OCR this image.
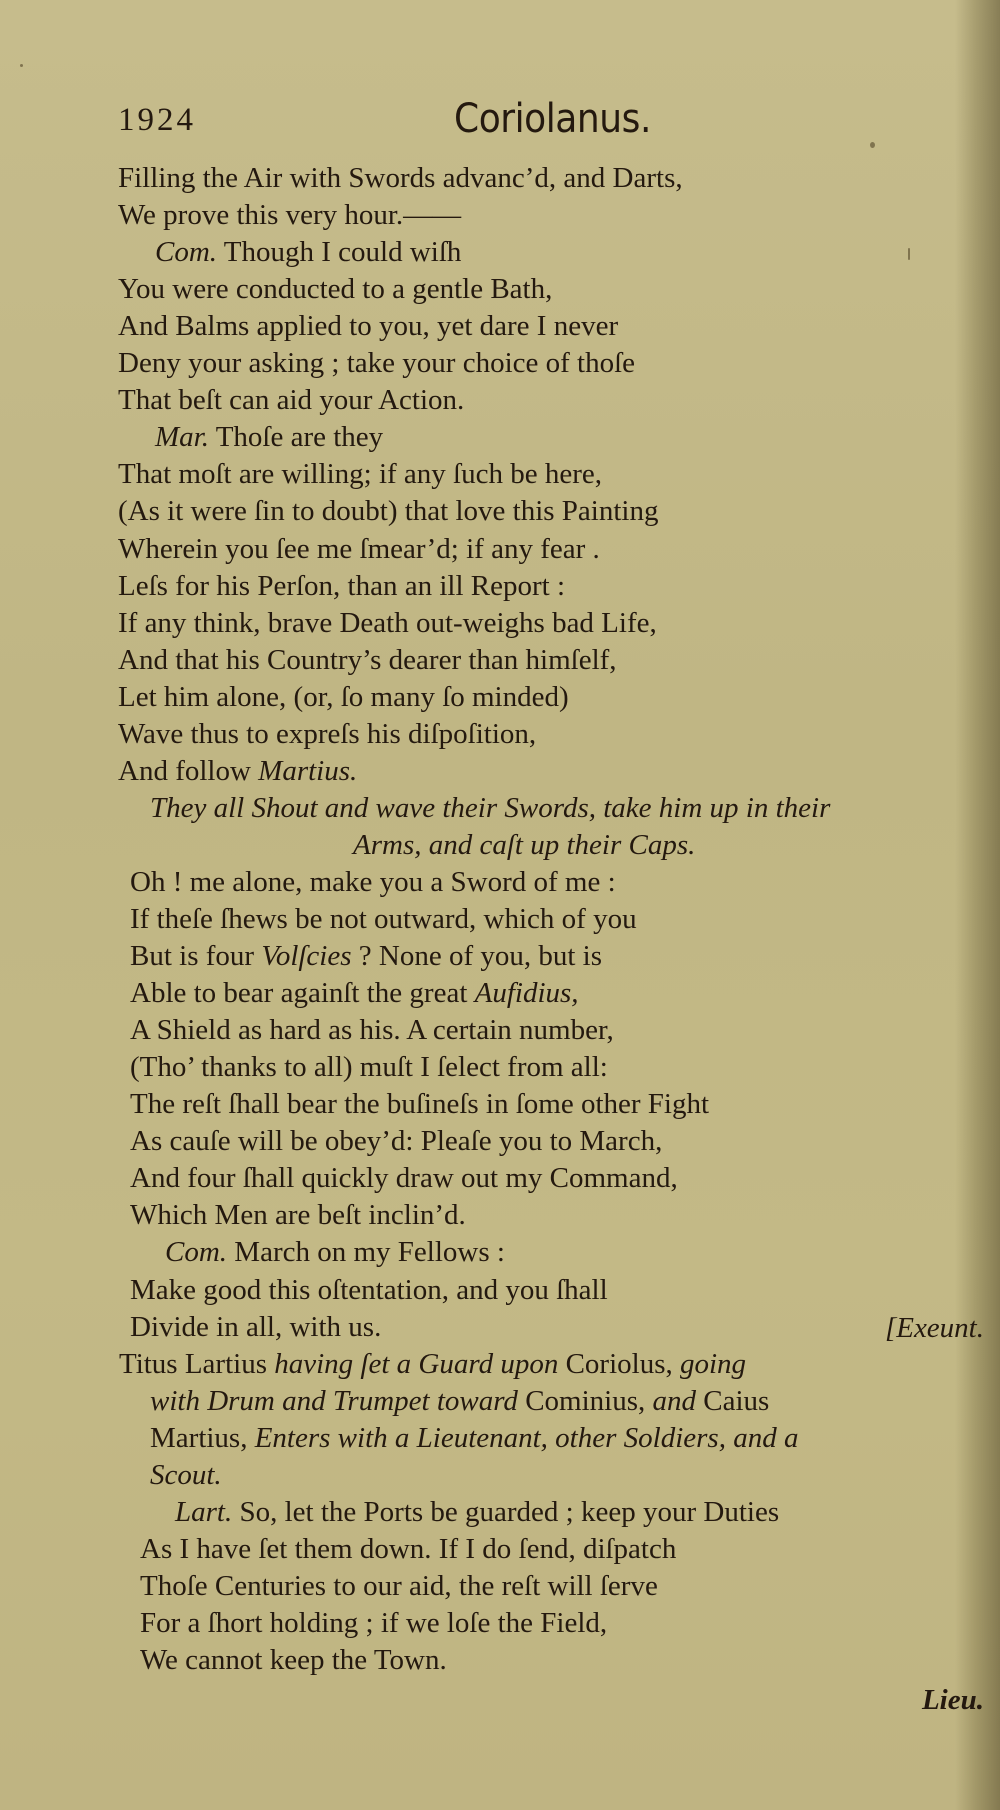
1924	Coriolanus.
Filling the Air with Swords advanc’d, and Darts,
We prove this very hour.——
Com. Though I could wiſh
You were conducted to a gentle Bath,
And Balms applied to you, yet dare I never
Deny your asking ; take your choice of thoſe
That beſt can aid your Action.
Mar. Thoſe are they
That moſt are willing; if any ſuch be here,
(As it were ſin to doubt) that love this Painting
Wherein you ſee me ſmear’d; if any fear .
Leſs for his Perſon, than an ill Report :
If any think, brave Death out-weighs bad Life,
And that his Country’s dearer than himſelf,
Let him alone, (or, ſo many ſo minded)
Wave thus to expreſs his diſpoſition,
And follow Martius.
They all Shout and wave their Swords, take him up in their
Arms, and caſt up their Caps.
Oh ! me alone, make you a Sword of me :
If theſe ſhews be not outward, which of you
But is four Volſcies ? None of you, but is
Able to bear againſt the great Aufidius,
A Shield as hard as his. A certain number,
(Tho’ thanks to all) muſt I ſelect from all:
The reſt ſhall bear the buſineſs in ſome other Fight
As cauſe will be obey’d: Pleaſe you to March,
And four ſhall quickly draw out my Command,
Which Men are beſt inclin’d.
Com. March on my Fellows :
Make good this oſtentation, and you ſhall
Divide in all, with us.
Titus Lartius having ſet a Guard upon Coriolus, going
with Drum and Trumpet toward Cominius, and Caius
Martius, Enters with a Lieutenant, other Soldiers, and a
Scout.
Lart. So, let the Ports be guarded ; keep your Duties
As I have ſet them down. If I do ſend, diſpatch
Thoſe Centuries to our aid, the reſt will ſerve
For a ſhort holding ; if we loſe the Field,
We cannot keep the Town.
[Exeunt.
Lieu.
